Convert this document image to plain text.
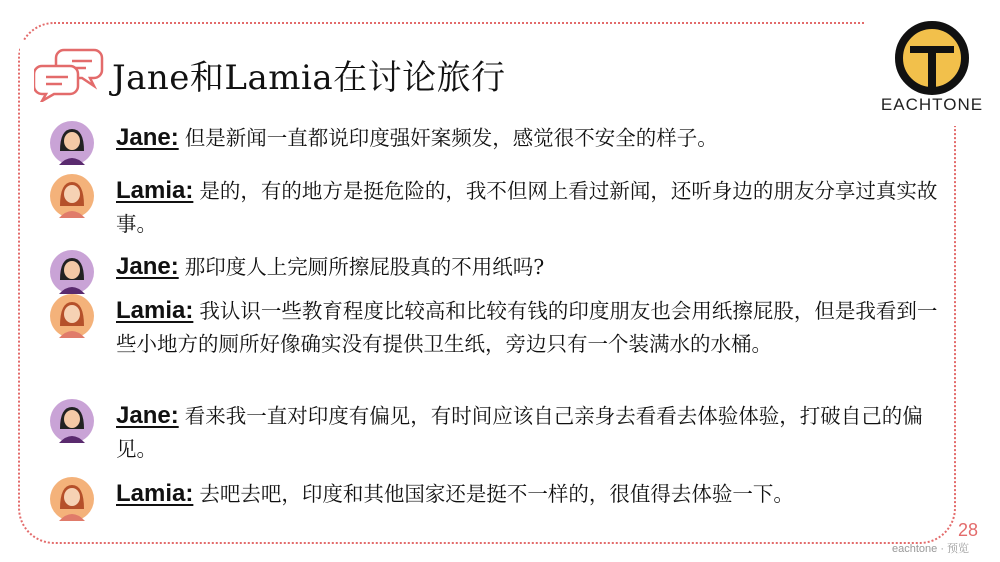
Jane和Lamia在讨论旅行
EACHTONE
Jane: 但是新闻一直都说印度强奸案频发，感觉很不安全的样子。
Lamia: 是的，有的地方是挺危险的，我不但网上看过新闻，还听身边的朋友分享过真实故事。
Jane: 那印度人上完厕所擦屁股真的不用纸吗?
Lamia: 我认识一些教育程度比较高和比较有钱的印度朋友也会用纸擦屁股，但是我看到一些小地方的厕所好像确实没有提供卫生纸，旁边只有一个装满水的水桶。
Jane: 看来我一直对印度有偏见，有时间应该自己亲身去看看去体验体验，打破自己的偏见。
Lamia: 去吧去吧，印度和其他国家还是挺不一样的，很值得去体验一下。
28
eachtone · 预览
